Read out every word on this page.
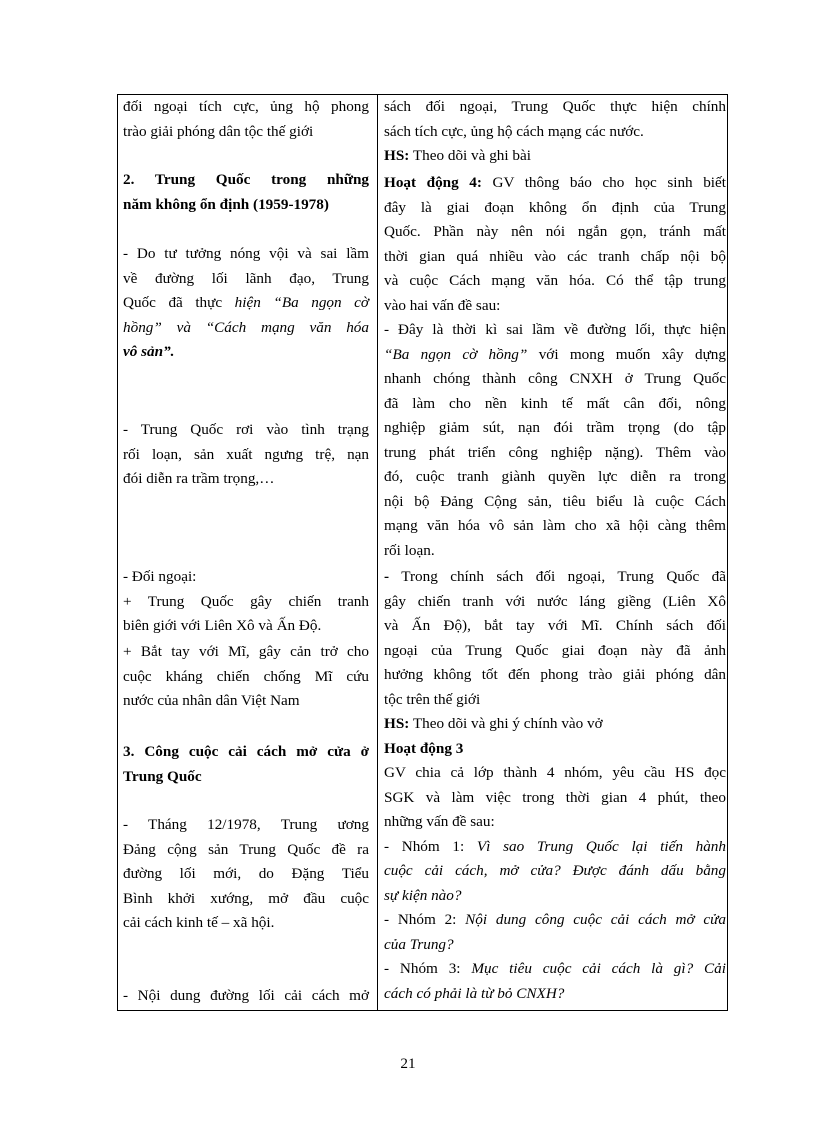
đối ngoại tích cực, ủng hộ phong
trào giải phóng dân tộc thế giới
2. Trung Quốc trong những
năm không ổn định (1959-1978)
- Do tư tưởng nóng vội và sai lầm
về đường lối lãnh đạo, Trung
Quốc đã thực hiện “Ba ngọn cờ
hồng” và “Cách mạng văn hóa
vô sản”.
- Trung Quốc rơi vào tình trạng
rối loạn, sản xuất ngưng trệ, nạn
đói diễn ra trầm trọng,…
- Đối ngoại:
+ Trung Quốc gây chiến tranh
biên giới với Liên Xô và Ấn Độ.
+ Bắt tay với Mĩ, gây cản trở cho
cuộc kháng chiến chống Mĩ cứu
nước của nhân dân Việt Nam
3. Công cuộc cải cách mở cửa ở
Trung Quốc
- Tháng 12/1978, Trung ương
Đảng cộng sản Trung Quốc đề ra
đường lối mới, do Đặng Tiểu
Bình khởi xướng, mở đầu cuộc
cải cách kinh tế – xã hội.
- Nội dung đường lối cải cách mở
sách đối ngoại, Trung Quốc thực hiện chính
sách tích cực, ủng hộ cách mạng các nước.
HS: Theo dõi và ghi bài
Hoạt động 4: GV thông báo cho học sinh biết
đây là giai đoạn không ổn định của Trung
Quốc. Phần này nên nói ngắn gọn, tránh mất
thời gian quá nhiều vào các tranh chấp nội bộ
và cuộc Cách mạng văn hóa. Có thể tập trung
vào hai vấn đề sau:
- Đây là thời kì sai lầm về đường lối, thực hiện
“Ba ngọn cờ hồng” với mong muốn xây dựng
nhanh chóng thành công CNXH ở Trung Quốc
đã làm cho nền kinh tế mất cân đối, nông
nghiệp giảm sút, nạn đói trầm trọng (do tập
trung phát triển công nghiệp nặng). Thêm vào
đó, cuộc tranh giành quyền lực diễn ra trong
nội bộ Đảng Cộng sản, tiêu biểu là cuộc Cách
mạng văn hóa vô sản làm cho xã hội càng thêm
rối loạn.
- Trong chính sách đối ngoại, Trung Quốc đã
gây chiến tranh với nước láng giềng (Liên Xô
và Ấn Độ), bắt tay với Mĩ. Chính sách đối
ngoại của Trung Quốc giai đoạn này đã ảnh
hưởng không tốt đến phong trào giải phóng dân
tộc trên thế giới
HS: Theo dõi và ghi ý chính vào vở
Hoạt động 3
GV chia cả lớp thành 4 nhóm, yêu cầu HS đọc
SGK và làm việc trong thời gian 4 phút, theo
những vấn đề sau:
- Nhóm 1: Vì sao Trung Quốc lại tiến hành
cuộc cải cách, mở cửa? Được đánh dấu bằng
sự kiện nào?
- Nhóm 2: Nội dung công cuộc cải cách mở cửa
của Trung?
- Nhóm 3: Mục tiêu cuộc cải cách là gì? Cải
cách có phải là từ bỏ CNXH?
21
